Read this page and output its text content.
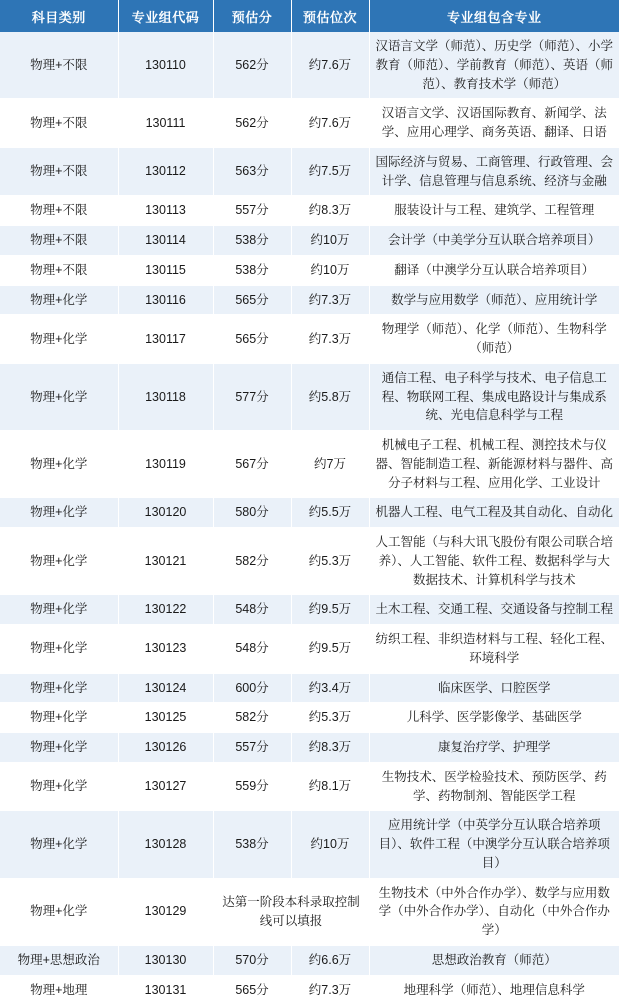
科目类别	专业组代码	预估分	预估位次	专业组包含专业
物理+不限	130110	562分	约7.6万	汉语言文学（师范）、历史学（师范）、小学教育（师范）、学前教育（师范）、英语（师范）、教育技术学（师范）
物理+不限	130111	562分	约7.6万	汉语言文学、汉语国际教育、新闻学、法学、应用心理学、商务英语、翻译、日语
物理+不限	130112	563分	约7.5万	国际经济与贸易、工商管理、行政管理、会计学、信息管理与信息系统、经济与金融
物理+不限	130113	557分	约8.3万	服装设计与工程、建筑学、工程管理
物理+不限	130114	538分	约10万	会计学（中美学分互认联合培养项目）
物理+不限	130115	538分	约10万	翻译（中澳学分互认联合培养项目）
物理+化学	130116	565分	约7.3万	数学与应用数学（师范）、应用统计学
物理+化学	130117	565分	约7.3万	物理学（师范）、化学（师范）、生物科学（师范）
物理+化学	130118	577分	约5.8万	通信工程、电子科学与技术、电子信息工程、物联网工程、集成电路设计与集成系统、光电信息科学与工程
物理+化学	130119	567分	约7万	机械电子工程、机械工程、测控技术与仪器、智能制造工程、新能源材料与器件、高分子材料与工程、应用化学、工业设计
物理+化学	130120	580分	约5.5万	机器人工程、电气工程及其自动化、自动化
物理+化学	130121	582分	约5.3万	人工智能（与科大讯飞股份有限公司联合培养）、人工智能、软件工程、数据科学与大数据技术、计算机科学与技术
物理+化学	130122	548分	约9.5万	土木工程、交通工程、交通设备与控制工程
物理+化学	130123	548分	约9.5万	纺织工程、非织造材料与工程、轻化工程、环境科学
物理+化学	130124	600分	约3.4万	临床医学、口腔医学
物理+化学	130125	582分	约5.3万	儿科学、医学影像学、基础医学
物理+化学	130126	557分	约8.3万	康复治疗学、护理学
物理+化学	130127	559分	约8.1万	生物技术、医学检验技术、预防医学、药学、药物制剂、智能医学工程
物理+化学	130128	538分	约10万	应用统计学（中英学分互认联合培养项目）、软件工程（中澳学分互认联合培养项目）
物理+化学	130129	达第一阶段本科录取控制线可以填报		生物技术（中外合作办学）、数学与应用数学（中外合作办学）、自动化（中外合作办学）
物理+思想政治	130130	570分	约6.6万	思想政治教育（师范）
物理+地理	130131	565分	约7.3万	地理科学（师范）、地理信息科学
